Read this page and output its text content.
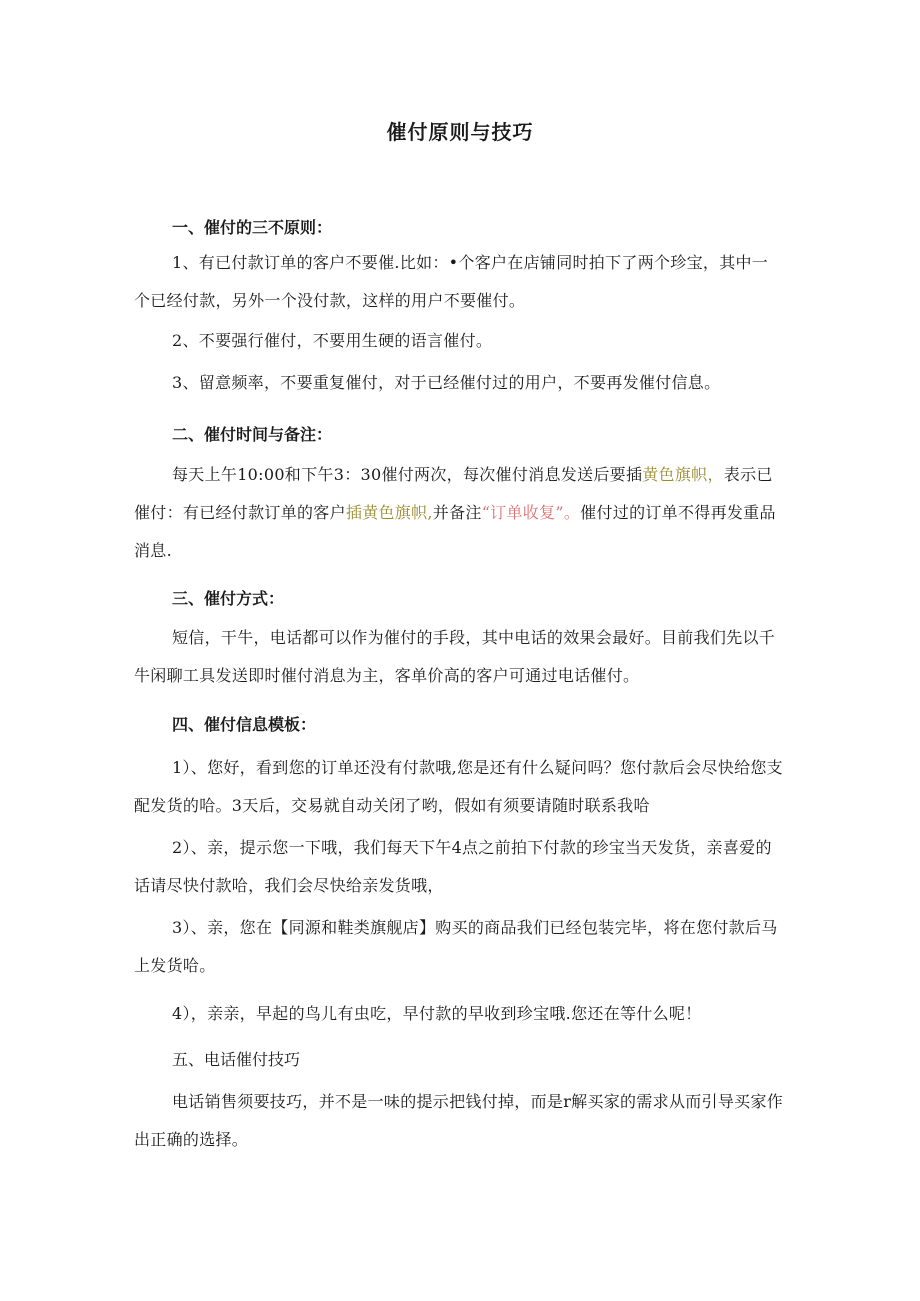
催付原则与技巧
一、催付的三不原则：
1、有已付款订单的客户不要催.比如：•个客户在店铺同时拍下了两个珍宝，其中一个已经付款，另外一个没付款，这样的用户不要催付。
2、不要强行催付，不要用生硬的语言催付。
3、留意频率，不要重复催付，对于已经催付过的用户，不要再发催付信息。
二、催付时间与备注：
每天上午10:00和下午3：30催付两次，每次催付消息发送后要插黄色旗帜，表示已催付：有已经付款订单的客户插黄色旗帜,并备注“订单收复”。催付过的订单不得再发重品消息.
三、催付方式：
短信，干牛，电话都可以作为催付的手段，其中电话的效果会最好。目前我们先以千牛闲聊工具发送即时催付消息为主，客单价高的客户可通过电话催付。
四、催付信息模板：
1）、您好，看到您的订单还没有付款哦,您是还有什么疑问吗？您付款后会尽快给您支配发货的哈。3天后，交易就自动关闭了哟，假如有须要请随时联系我哈
2）、亲，提示您一下哦，我们每天下午4点之前拍下付款的珍宝当天发货，亲喜爱的话请尽快付款哈，我们会尽快给亲发货哦，
3）、亲，您在【同源和鞋类旗舰店】购买的商品我们已经包装完毕，将在您付款后马上发货哈。
4），亲亲，早起的鸟儿有虫吃，早付款的早收到珍宝哦.您还在等什么呢！
五、电话催付技巧
电话销售须要技巧，并不是一味的提示把钱付掉，而是r解买家的需求从而引导买家作出正确的选择。
